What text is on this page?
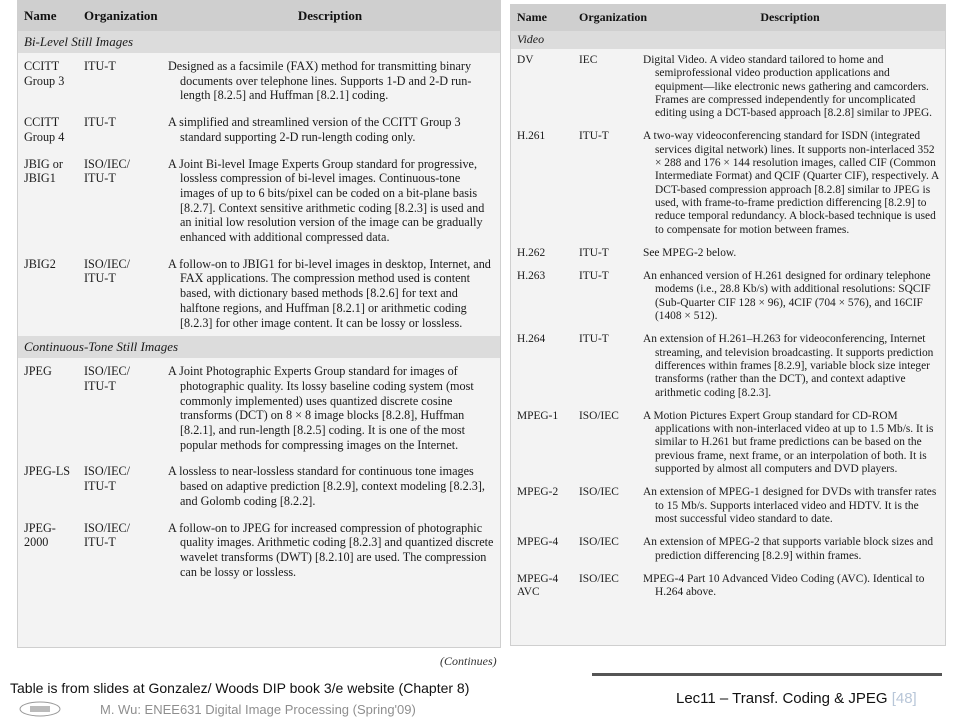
Name	Organization	Description
Bi-Level Still Images		
CCITT Group 3	ITU-T	Designed as a facsimile (FAX) method for transmitting binary documents over telephone lines. Supports 1-D and 2-D run-length [8.2.5] and Huffman [8.2.1] coding.

CCITT Group 4	ITU-T	A simplified and streamlined version of the CCITT Group 3 standard supporting 2-D run-length coding only.

JBIG or JBIG1	ISO/IEC/ ITU-T	A Joint Bi-level Image Experts Group standard for progressive, lossless compression of bi-level images. Continuous-tone images of up to 6 bits/pixel can be coded on a bit-plane basis [8.2.7]. Context sensitive arithmetic coding [8.2.3] is used and an initial low resolution version of the image can be gradually enhanced with additional compressed data.

JBIG2	ISO/IEC/ ITU-T	A follow-on to JBIG1 for bi-level images in desktop, Internet, and FAX applications. The compression method used is content based, with dictionary based methods [8.2.6] for text and halftone regions, and Huffman [8.2.1] or arithmetic coding [8.2.3] for other image content. It can be lossy or lossless.

Continuous-Tone Still Images		
JPEG	ISO/IEC/ ITU-T	A Joint Photographic Experts Group standard for images of photographic quality. Its lossy baseline coding system (most commonly implemented) uses quantized discrete cosine transforms (DCT) on 8 × 8 image blocks [8.2.8], Huffman [8.2.1], and run-length [8.2.5] coding. It is one of the most popular methods for compressing images on the Internet.

JPEG-LS	ISO/IEC/ ITU-T	A lossless to near-lossless standard for continuous tone images based on adaptive prediction [8.2.9], context modeling [8.2.3], and Golomb coding [8.2.2].

JPEG-2000	ISO/IEC/ ITU-T	A follow-on to JPEG for increased compression of photographic quality images. Arithmetic coding [8.2.3] and quantized discrete wavelet transforms (DWT) [8.2.10] are used. The compression can be lossy or lossless.
Name	Organization	Description
Video		
DV	IEC	Digital Video. A video standard tailored to home and semiprofessional video production applications and equipment—like electronic news gathering and camcorders. Frames are compressed independently for uncomplicated editing using a DCT-based approach [8.2.8] similar to JPEG.

H.261	ITU-T	A two-way videoconferencing standard for ISDN (integrated services digital network) lines. It supports non-interlaced 352 × 288 and 176 × 144 resolution images, called CIF (Common Intermediate Format) and QCIF (Quarter CIF), respectively. A DCT-based compression approach [8.2.8] similar to JPEG is used, with frame-to-frame prediction differencing [8.2.9] to reduce temporal redundancy. A block-based technique is used to compensate for motion between frames.

H.262	ITU-T	See MPEG-2 below.

H.263	ITU-T	An enhanced version of H.261 designed for ordinary telephone modems (i.e., 28.8 Kb/s) with additional resolutions: SQCIF (Sub-Quarter CIF 128 × 96), 4CIF (704 × 576), and 16CIF (1408 × 512).

H.264	ITU-T	An extension of H.261–H.263 for videoconferencing, Internet streaming, and television broadcasting. It supports prediction differences within frames [8.2.9], variable block size integer transforms (rather than the DCT), and context adaptive arithmetic coding [8.2.3].

MPEG-1	ISO/IEC	A Motion Pictures Expert Group standard for CD-ROM applications with non-interlaced video at up to 1.5 Mb/s. It is similar to H.261 but frame predictions can be based on the previous frame, next frame, or an interpolation of both. It is supported by almost all computers and DVD players.

MPEG-2	ISO/IEC	An extension of MPEG-1 designed for DVDs with transfer rates to 15 Mb/s. Supports interlaced video and HDTV. It is the most successful video standard to date.

MPEG-4	ISO/IEC	An extension of MPEG-2 that supports variable block sizes and prediction differencing [8.2.9] within frames.

MPEG-4 AVC	ISO/IEC	MPEG-4 Part 10 Advanced Video Coding (AVC). Identical to H.264 above.
(Continues)
M. Wu: ENEE631 Digital Image Processing (Spring'09)
Table is from slides at Gonzalez/ Woods DIP book 3/e website (Chapter 8)
Lec11 – Transf. Coding & JPEG [48]
